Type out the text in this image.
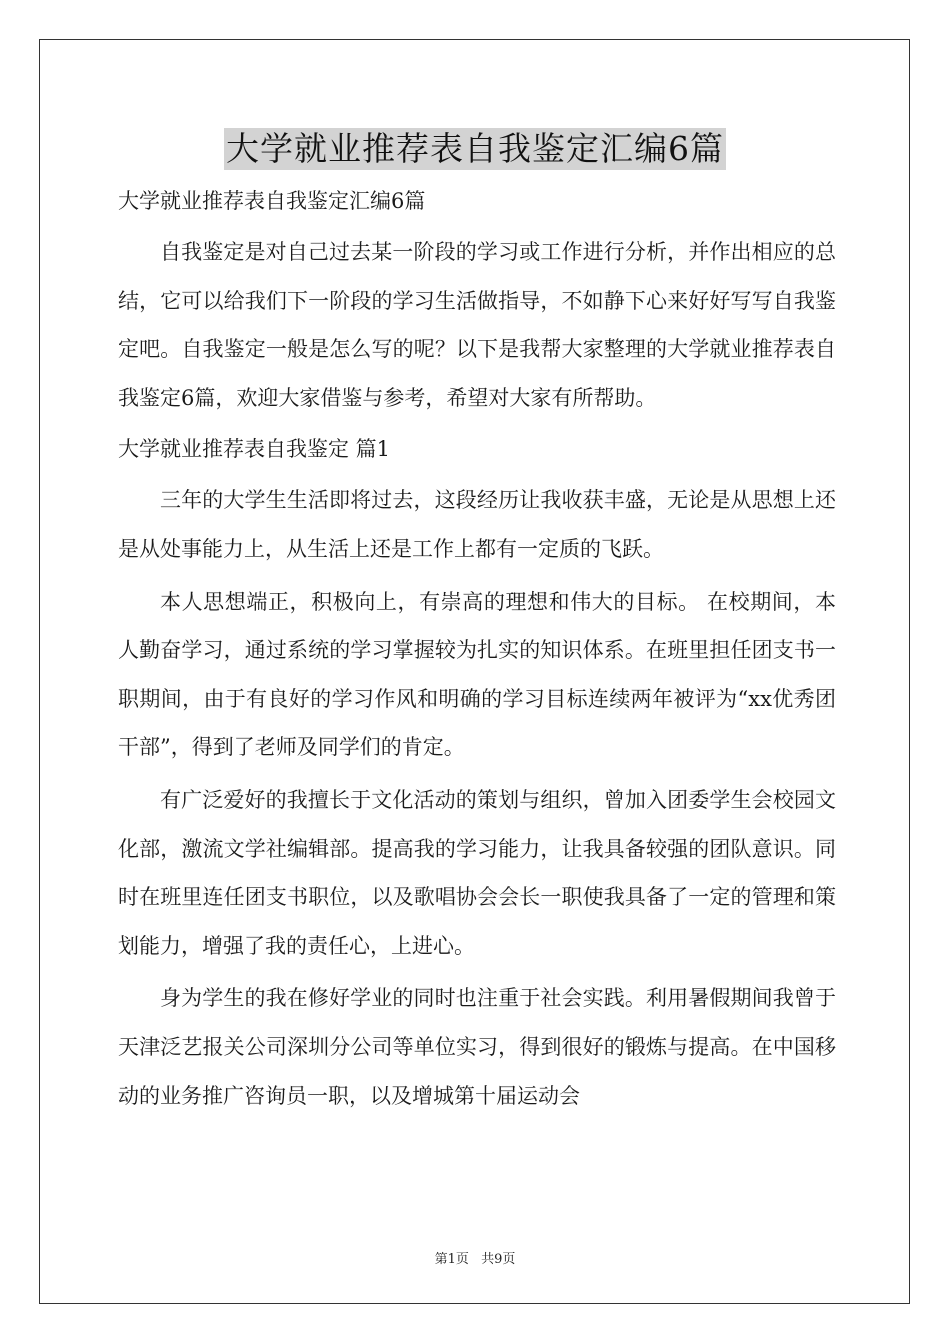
大学就业推荐表自我鉴定汇编6篇
大学就业推荐表自我鉴定汇编6篇

自我鉴定是对自己过去某一阶段的学习或工作进行分析，并作出相应的总结，它可以给我们下一阶段的学习生活做指导，不如静下心来好好写写自我鉴定吧。自我鉴定一般是怎么写的呢？以下是我帮大家整理的大学就业推荐表自我鉴定6篇，欢迎大家借鉴与参考，希望对大家有所帮助。

大学就业推荐表自我鉴定 篇1

三年的大学生生活即将过去，这段经历让我收获丰盛，无论是从思想上还是从处事能力上，从生活上还是工作上都有一定质的飞跃。

本人思想端正，积极向上，有崇高的理想和伟大的目标。 在校期间，本人勤奋学习，通过系统的学习掌握较为扎实的知识体系。在班里担任团支书一职期间，由于有良好的学习作风和明确的学习目标连续两年被评为“xx优秀团干部”，得到了老师及同学们的肯定。

有广泛爱好的我擅长于文化活动的策划与组织，曾加入团委学生会校园文化部，激流文学社编辑部。提高我的学习能力，让我具备较强的团队意识。同时在班里连任团支书职位，以及歌唱协会会长一职使我具备了一定的管理和策划能力，增强了我的责任心，上进心。

身为学生的我在修好学业的同时也注重于社会实践。利用暑假期间我曾于天津泛艺报关公司深圳分公司等单位实习，得到很好的锻炼与提高。在中国移动的业务推广咨询员一职，以及增城第十届运动会

第1页 共9页
